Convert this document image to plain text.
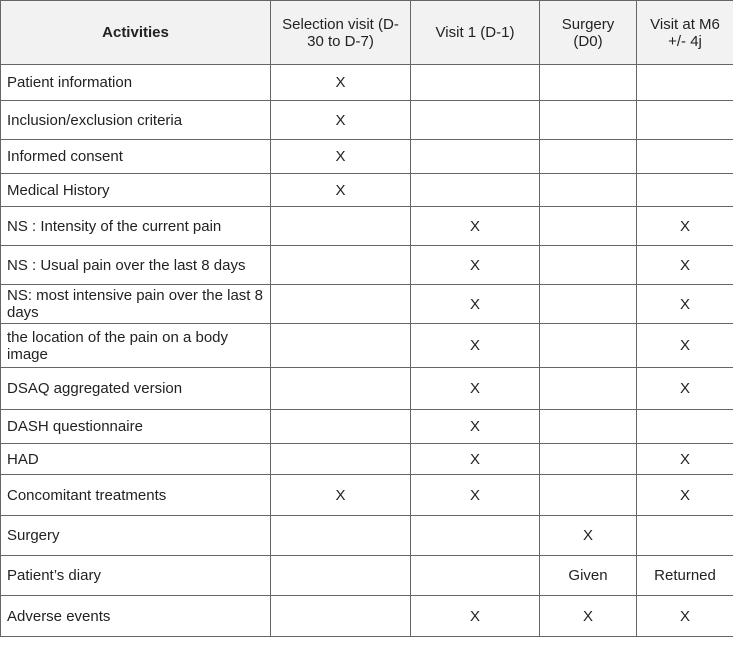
Activities	Selection visit (D-30 to D-7)	Visit 1 (D-1)	Surgery (D0)	Visit at M6 +/- 4j
Patient information	X			
Inclusion/exclusion criteria	X			
Informed consent	X			
Medical History	X			
NS : Intensity of the current pain		X		X
NS : Usual pain over the last 8 days		X		X
NS: most intensive pain over the last 8 days		X		X
the location of the pain on a body image		X		X
DSAQ aggregated version		X		X
DASH questionnaire		X		
HAD		X		X
Concomitant treatments	X	X		X
Surgery			X	
Patient’s diary			Given	Returned
Adverse events		X	X	X
